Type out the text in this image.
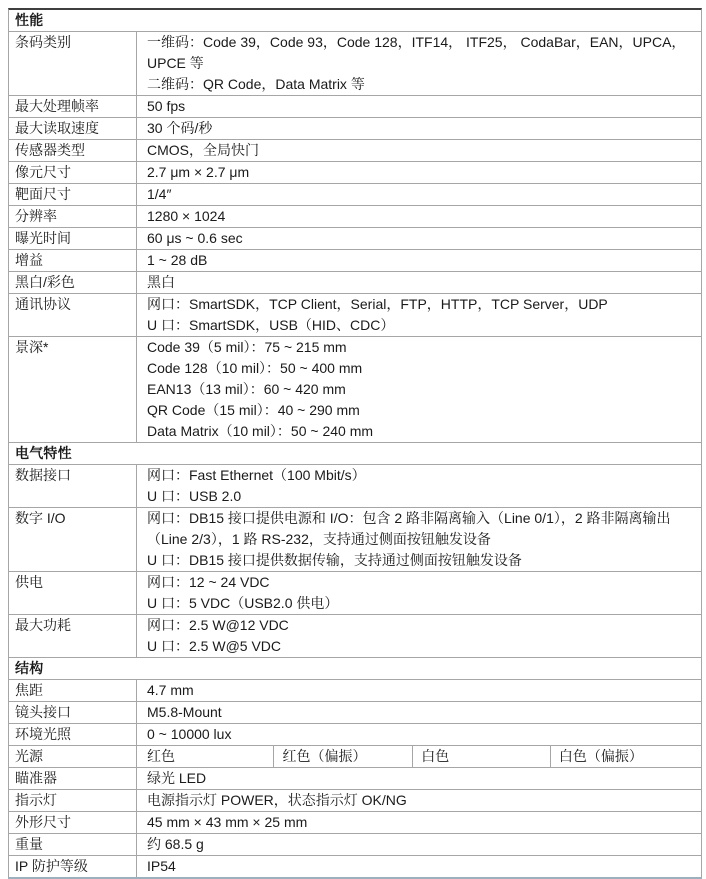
性能
条码类别	一维码：Code 39，Code 93，Code 128，ITF14， ITF25， CodaBar，EAN，UPCA，UPCE 等
二维码：QR Code，Data Matrix 等
最大处理帧率	50 fps
最大读取速度	30 个码/秒
传感器类型	CMOS，全局快门
像元尺寸	2.7 μm × 2.7 μm
靶面尺寸	1/4″
分辨率	1280 × 1024
曝光时间	60 μs ~ 0.6 sec
增益	1 ~ 28 dB
黑白/彩色	黑白
通讯协议	网口：SmartSDK，TCP Client，Serial，FTP，HTTP，TCP Server，UDP
U 口：SmartSDK，USB（HID、CDC）
景深*	Code 39（5 mil）：75 ~ 215 mm
Code 128（10 mil）：50 ~ 400 mm
EAN13（13 mil）：60 ~ 420 mm
QR Code（15 mil）：40 ~ 290 mm
Data Matrix（10 mil）：50 ~ 240 mm
电气特性
数据接口	网口：Fast Ethernet（100 Mbit/s）
U 口：USB 2.0
数字 I/O	网口：DB15 接口提供电源和 I/O：包含 2 路非隔离输入（Line 0/1），2 路非隔离输出（Line 2/3），1 路 RS-232，支持通过侧面按钮触发设备
U 口：DB15 接口提供数据传输，支持通过侧面按钮触发设备
供电	网口：12 ~ 24 VDC
U 口：5 VDC（USB2.0 供电）
最大功耗	网口：2.5 W@12 VDC
U 口：2.5 W@5 VDC
结构
焦距	4.7 mm
镜头接口	M5.8-Mount
环境光照	0 ~ 10000 lux
光源	红色	红色（偏振）	白色	白色（偏振）
瞄准器	绿光 LED
指示灯	电源指示灯 POWER，状态指示灯 OK/NG
外形尺寸	45 mm × 43 mm × 25 mm
重量	约 68.5 g
IP 防护等级	IP54
